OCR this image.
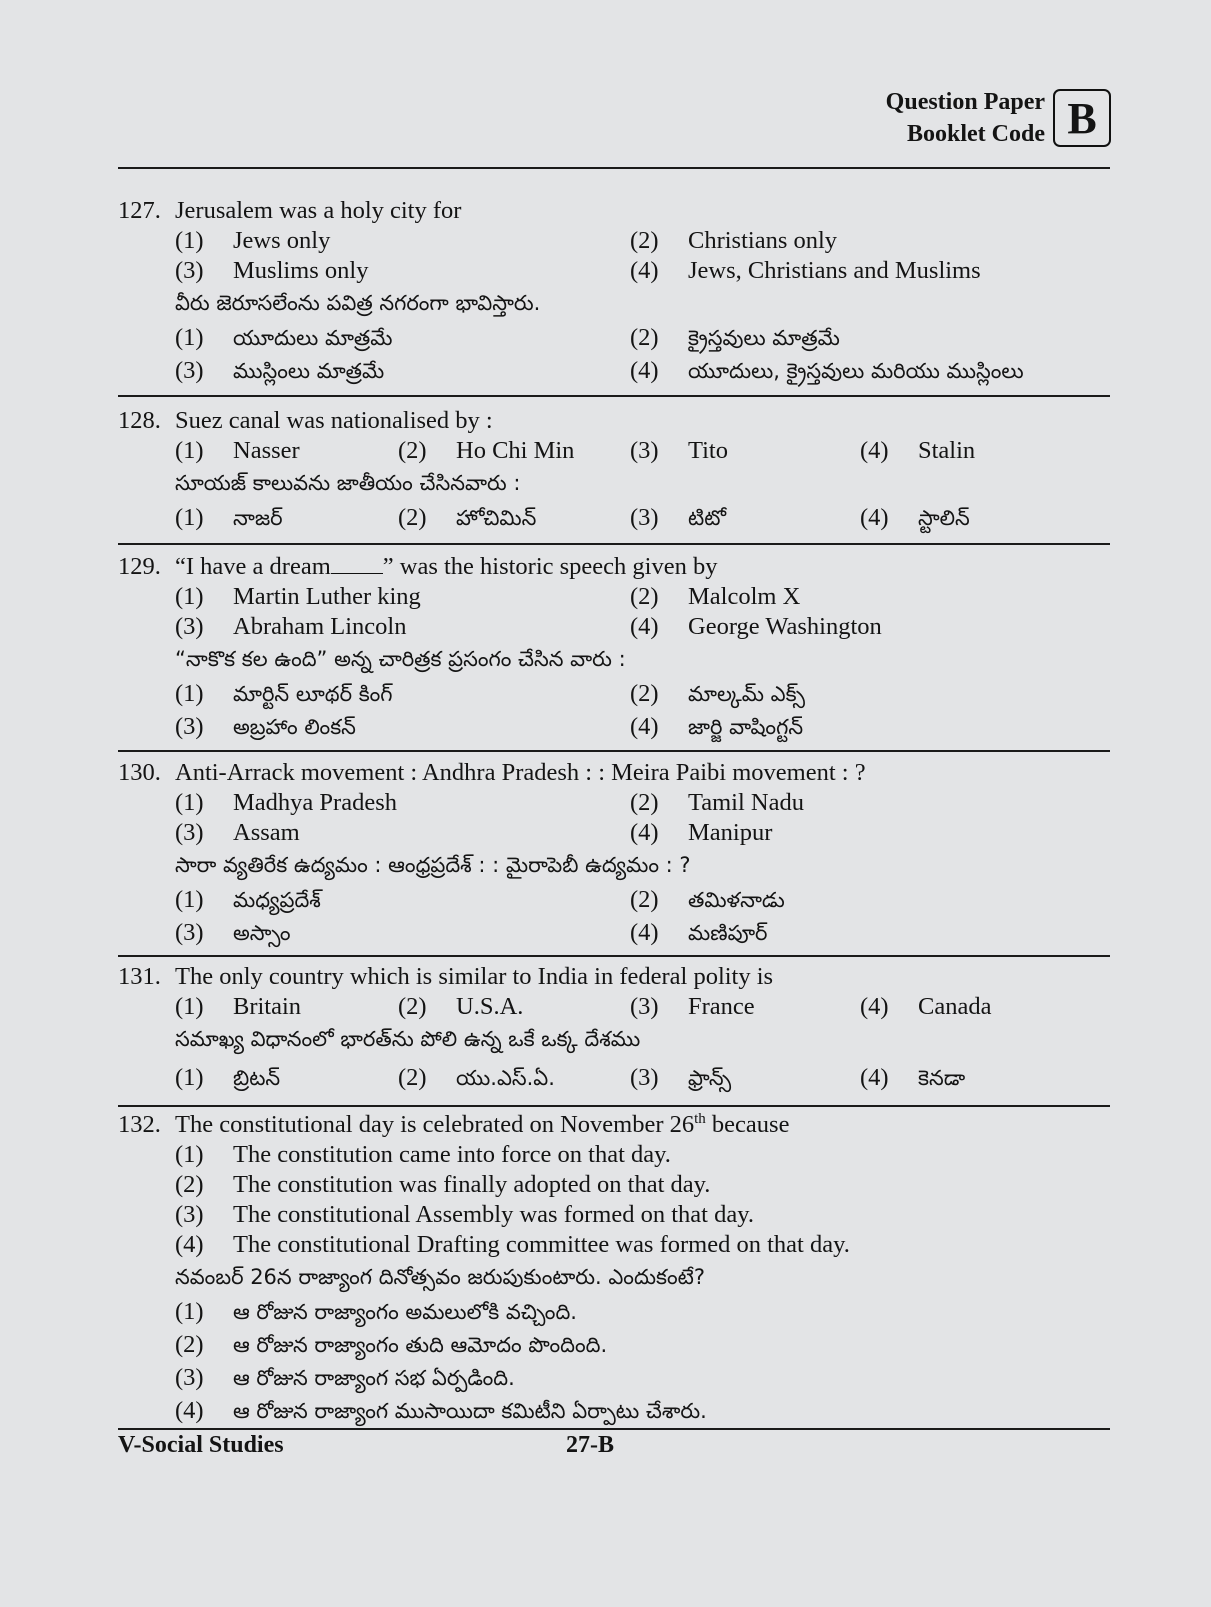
Question Paper
Booklet Code B
127. Jerusalem was a holy city for
(1) Jews only	(2) Christians only
(3) Muslims only	(4) Jews, Christians and Muslims
వీరు జెరూసలేంను పవిత్ర నగరంగా భావిస్తారు.
(1) యూదులు మాత్రమే	(2) క్రైస్తవులు మాత్రమే
(3) ముస్లింలు మాత్రమే	(4) యూదులు, క్రైస్తవులు మరియు ముస్లింలు
128. Suez canal was nationalised by :
(1) Nasser	(2) Ho Chi Min (3) Tito	(4) Stalin
సూయజ్ కాలువను జాతీయం చేసినవారు :
(1) నాజర్	(2) హోచిమిన్	(3) టిటో	(4) స్టాలిన్
129. “I have a dream ” was the historic speech given by
(1) Martin Luther king	(2) Malcolm X
(3) Abraham Lincoln	(4) George Washington
“నాకొక కల ఉంది” అన్న చారిత్రక ప్రసంగం చేసిన వారు :
(1) మార్టిన్ లూథర్ కింగ్	(2) మాల్కమ్ ఎక్స్
(3) అబ్రహాం లింకన్	(4) జార్జి వాషింగ్టన్
130. Anti-Arrack movement : Andhra Pradesh : : Meira Paibi movement : ?
(1) Madhya Pradesh	(2) Tamil Nadu
(3) Assam	(4) Manipur
సారా వ్యతిరేక ఉద్యమం : ఆంధ్రప్రదేశ్ : : మైరాపెబీ ఉద్యమం : ?
(1) మధ్యప్రదేశ్	(2) తమిళనాడు
(3) అస్సాం	(4) మణిపూర్
131. The only country which is similar to India in federal polity is
(1) Britain	(2) U.S.A.	(3) France	(4) Canada
సమాఖ్య విధానంలో భారత్‌ను పోలి ఉన్న ఒకే ఒక్క దేశము
(1) బ్రిటన్	(2) యు.ఎస్.ఏ.	(3) ఫ్రాన్స్	(4) కెనడా
132. The constitutional day is celebrated on November 26th because
(1) The constitution came into force on that day.
(2) The constitution was finally adopted on that day.
(3) The constitutional Assembly was formed on that day.
(4) The constitutional Drafting committee was formed on that day.
నవంబర్ 26న రాజ్యాంగ దినోత్సవం జరుపుకుంటారు. ఎందుకంటే?
(1) ఆ రోజున రాజ్యాంగం అమలులోకి వచ్చింది.
(2) ఆ రోజున రాజ్యాంగం తుది ఆమోదం పొందింది.
(3) ఆ రోజున రాజ్యాంగ సభ ఏర్పడింది.
(4) ఆ రోజున రాజ్యాంగ ముసాయిదా కమిటీని ఏర్పాటు చేశారు.
V-Social Studies	27-B
